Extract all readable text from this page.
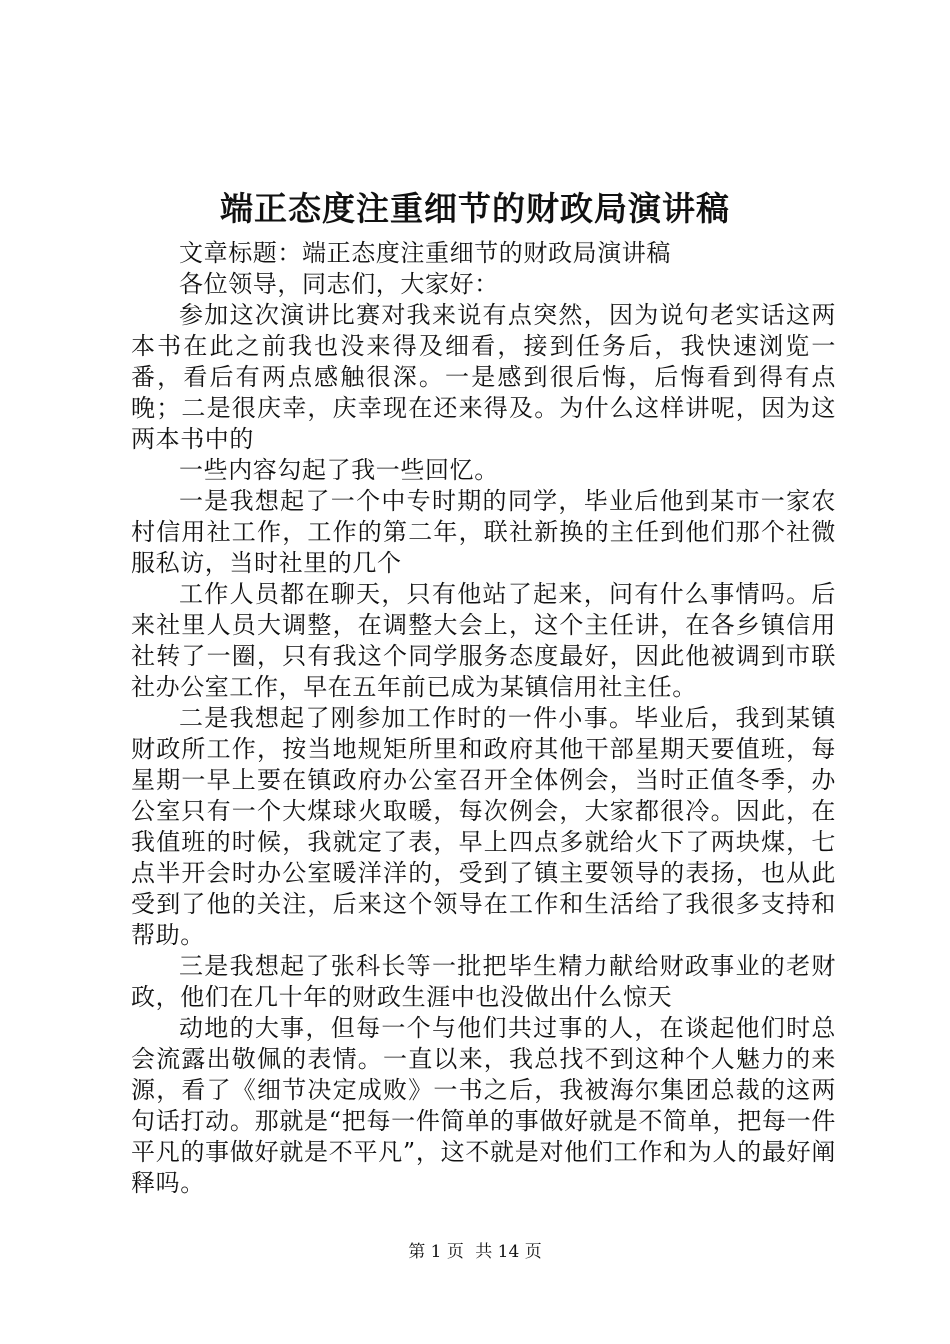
端正态度注重细节的财政局演讲稿

文章标题：端正态度注重细节的财政局演讲稿

各位领导，同志们，大家好：

参加这次演讲比赛对我来说有点突然，因为说句老实话这两本书在此之前我也没来得及细看，接到任务后，我快速浏览一番，看后有两点感触很深。一是感到很后悔，后悔看到得有点晚；二是很庆幸，庆幸现在还来得及。为什么这样讲呢，因为这两本书中的

一些内容勾起了我一些回忆。

一是我想起了一个中专时期的同学，毕业后他到某市一家农村信用社工作，工作的第二年，联社新换的主任到他们那个社微服私访，当时社里的几个

工作人员都在聊天，只有他站了起来，问有什么事情吗。后来社里人员大调整，在调整大会上，这个主任讲，在各乡镇信用社转了一圈，只有我这个同学服务态度最好，因此他被调到市联社办公室工作，早在五年前已成为某镇信用社主任。

二是我想起了刚参加工作时的一件小事。毕业后，我到某镇财政所工作，按当地规矩所里和政府其他干部星期天要值班，每星期一早上要在镇政府办公室召开全体例会，当时正值冬季，办公室只有一个大煤球火取暖，每次例会，大家都很冷。因此，在我值班的时候，我就定了表，早上四点多就给火下了两块煤，七点半开会时办公室暖洋洋的，受到了镇主要领导的表扬，也从此受到了他的关注，后来这个领导在工作和生活给了我很多支持和帮助。

三是我想起了张科长等一批把毕生精力献给财政事业的老财政，他们在几十年的财政生涯中也没做出什么惊天

动地的大事，但每一个与他们共过事的人，在谈起他们时总会流露出敬佩的表情。一直以来，我总找不到这种个人魅力的来源，看了《细节决定成败》一书之后，我被海尔集团总裁的这两句话打动。那就是“把每一件简单的事做好就是不简单，把每一件平凡的事做好就是不平凡”，这不就是对他们工作和为人的最好阐释吗。

第 1 页 共 14 页
